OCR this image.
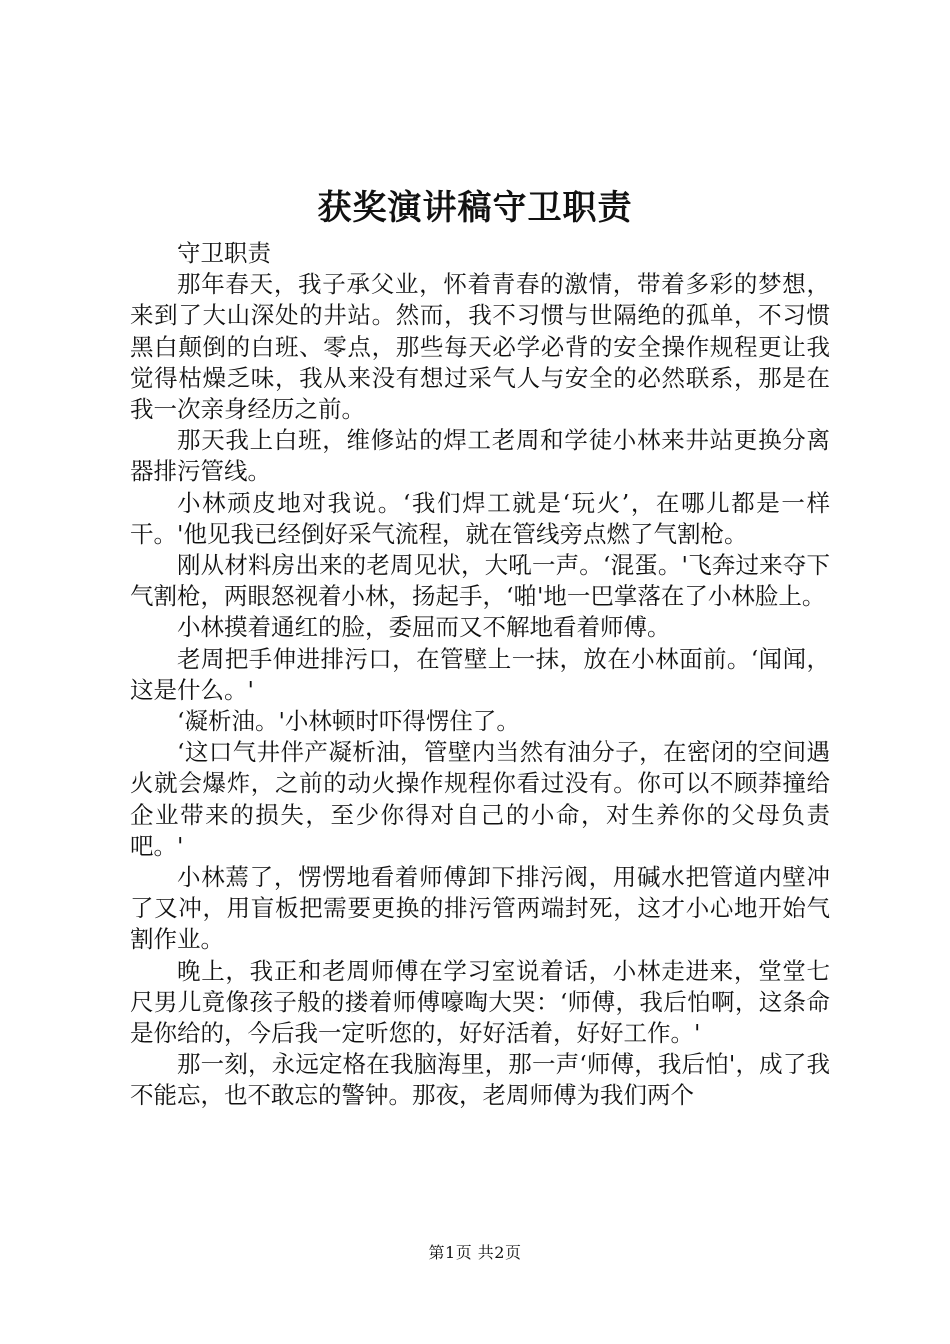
获奖演讲稿守卫职责

守卫职责

那年春天，我子承父业，怀着青春的激情，带着多彩的梦想，来到了大山深处的井站。然而，我不习惯与世隔绝的孤单，不习惯黑白颠倒的白班、零点，那些每天必学必背的安全操作规程更让我觉得枯燥乏味，我从来没有想过采气人与安全的必然联系，那是在我一次亲身经历之前。

那天我上白班，维修站的焊工老周和学徒小林来井站更换分离器排污管线。

小林顽皮地对我说。‘我们焊工就是‘玩火’，在哪儿都是一样干。'他见我已经倒好采气流程，就在管线旁点燃了气割枪。

刚从材料房出来的老周见状，大吼一声。‘混蛋。'飞奔过来夺下气割枪，两眼怒视着小林，扬起手，‘啪'地一巴掌落在了小林脸上。

小林摸着通红的脸，委屈而又不解地看着师傅。

老周把手伸进排污口，在管壁上一抹，放在小林面前。‘闻闻，这是什么。'

‘凝析油。'小林顿时吓得愣住了。

‘这口气井伴产凝析油，管壁内当然有油分子，在密闭的空间遇火就会爆炸，之前的动火操作规程你看过没有。你可以不顾莽撞给企业带来的损失，至少你得对自己的小命，对生养你的父母负责吧。'

小林蔫了，愣愣地看着师傅卸下排污阀，用碱水把管道内壁冲了又冲，用盲板把需要更换的排污管两端封死，这才小心地开始气割作业。

晚上，我正和老周师傅在学习室说着话，小林走进来，堂堂七尺男儿竟像孩子般的搂着师傅嚎啕大哭：‘师傅，我后怕啊，这条命是你给的，今后我一定听您的，好好活着，好好工作。'

那一刻，永远定格在我脑海里，那一声‘师傅，我后怕'，成了我不能忘，也不敢忘的警钟。那夜，老周师傅为我们两个

第1页 共2页
